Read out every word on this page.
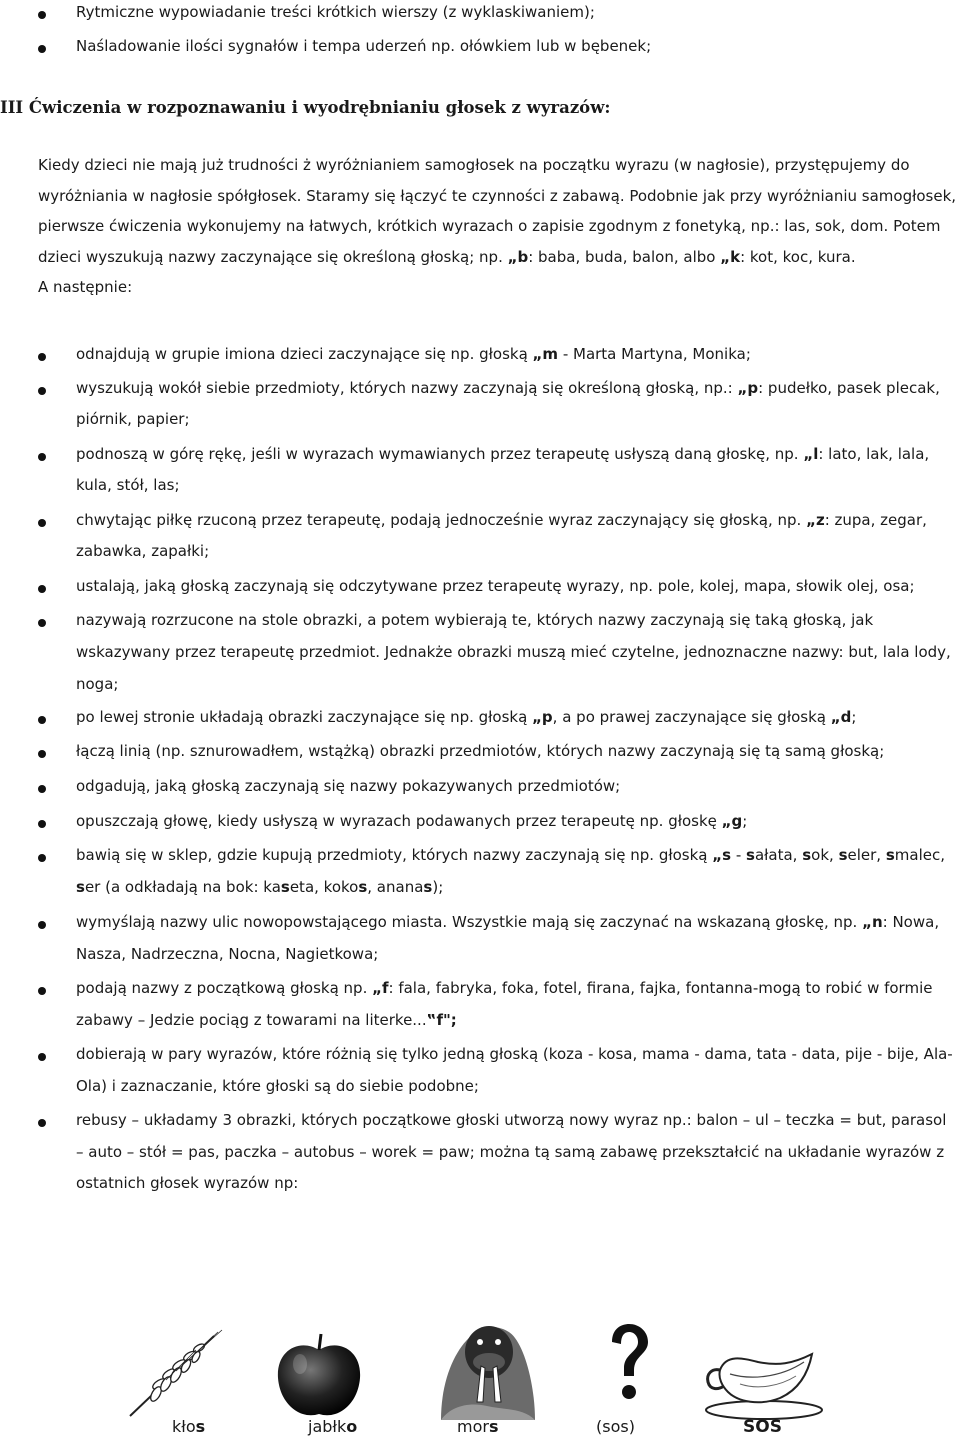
Rytmiczne wypowiadanie treści krótkich wierszy (z wyklaskiwaniem);
Naśladowanie ilości sygnałów i tempa uderzeń np. ołówkiem lub w bębenek;
III Ćwiczenia w rozpoznawaniu i wyodrębnianiu głosek z wyrazów:
Kiedy dzieci nie mają już trudności ż wyróżnianiem samogłosek na początku wyrazu (w nagłosie), przystępujemy do
wyróżniania w nagłosie spółgłosek. Staramy się łączyć te czynności z zabawą. Podobnie jak przy wyróżnianiu samogłosek,
pierwsze ćwiczenia wykonujemy na łatwych, krótkich wyrazach o zapisie zgodnym z fonetyką, np.: las, sok, dom. Potem
dzieci wyszukują nazwy zaczynające się określoną głoską; np. „b: baba, buda, balon, albo „k: kot, koc, kura.
A następnie:
odnajdują w grupie imiona dzieci zaczynające się np. głoską „m - Marta Martyna, Monika;
wyszukują wokół siebie przedmioty, których nazwy zaczynają się określoną głoską, np.: „p: pudełko, pasek plecak,
piórnik, papier;
podnoszą w górę rękę, jeśli w wyrazach wymawianych przez terapeutę usłyszą daną głoskę, np. „l: lato, lak, lala,
kula, stół, las;
chwytając piłkę rzuconą przez terapeutę, podają jednocześnie wyraz zaczynający się głoską, np. „z: zupa, zegar,
zabawka, zapałki;
ustalają, jaką głoską zaczynają się odczytywane przez terapeutę wyrazy, np. pole, kolej, mapa, słowik olej, osa;
nazywają rozrzucone na stole obrazki, a potem wybierają te, których nazwy zaczynają się taką głoską, jak
wskazywany przez terapeutę przedmiot. Jednakże obrazki muszą mieć czytelne, jednoznaczne nazwy: but, lala lody,
noga;
po lewej stronie układają obrazki zaczynające się np. głoską „p, a po prawej zaczynające się głoską „d;
łączą linią (np. sznurowadłem, wstążką) obrazki przedmiotów, których nazwy zaczynają się tą samą głoską;
odgadują, jaką głoską zaczynają się nazwy pokazywanych przedmiotów;
opuszczają głowę, kiedy usłyszą w wyrazach podawanych przez terapeutę np. głoskę „g;
bawią się w sklep, gdzie kupują przedmioty, których nazwy zaczynają się np. głoską „s - sałata, sok, seler, smalec,
ser (a odkładają na bok: kaseta, kokos, ananas);
wymyślają nazwy ulic nowopowstającego miasta. Wszystkie mają się zaczynać na wskazaną głoskę, np. „n: Nowa,
Nasza, Nadrzeczna, Nocna, Nagietkowa;
podają nazwy z początkową głoską np. „f: fala, fabryka, foka, fotel, firana, fajka, fontanna-mogą to robić w formie
zabawy – Jedzie pociąg z towarami na literke...‟f";
dobierają w pary wyrazów, które różnią się tylko jedną głoską (koza - kosa, mama - dama, tata - data, pije - bije, Ala-
Ola) i zaznaczanie, które głoski są do siebie podobne;
rebusy – układamy 3 obrazki, których początkowe głoski utworzą nowy wyraz np.: balon – ul – teczka = but, parasol
– auto – stół = pas, paczka – autobus – worek = paw; można tą samą zabawę przekształcić na układanie wyrazów z
ostatnich głosek wyrazów np:
kłos	jabłko	mors	(sos)	SOS
